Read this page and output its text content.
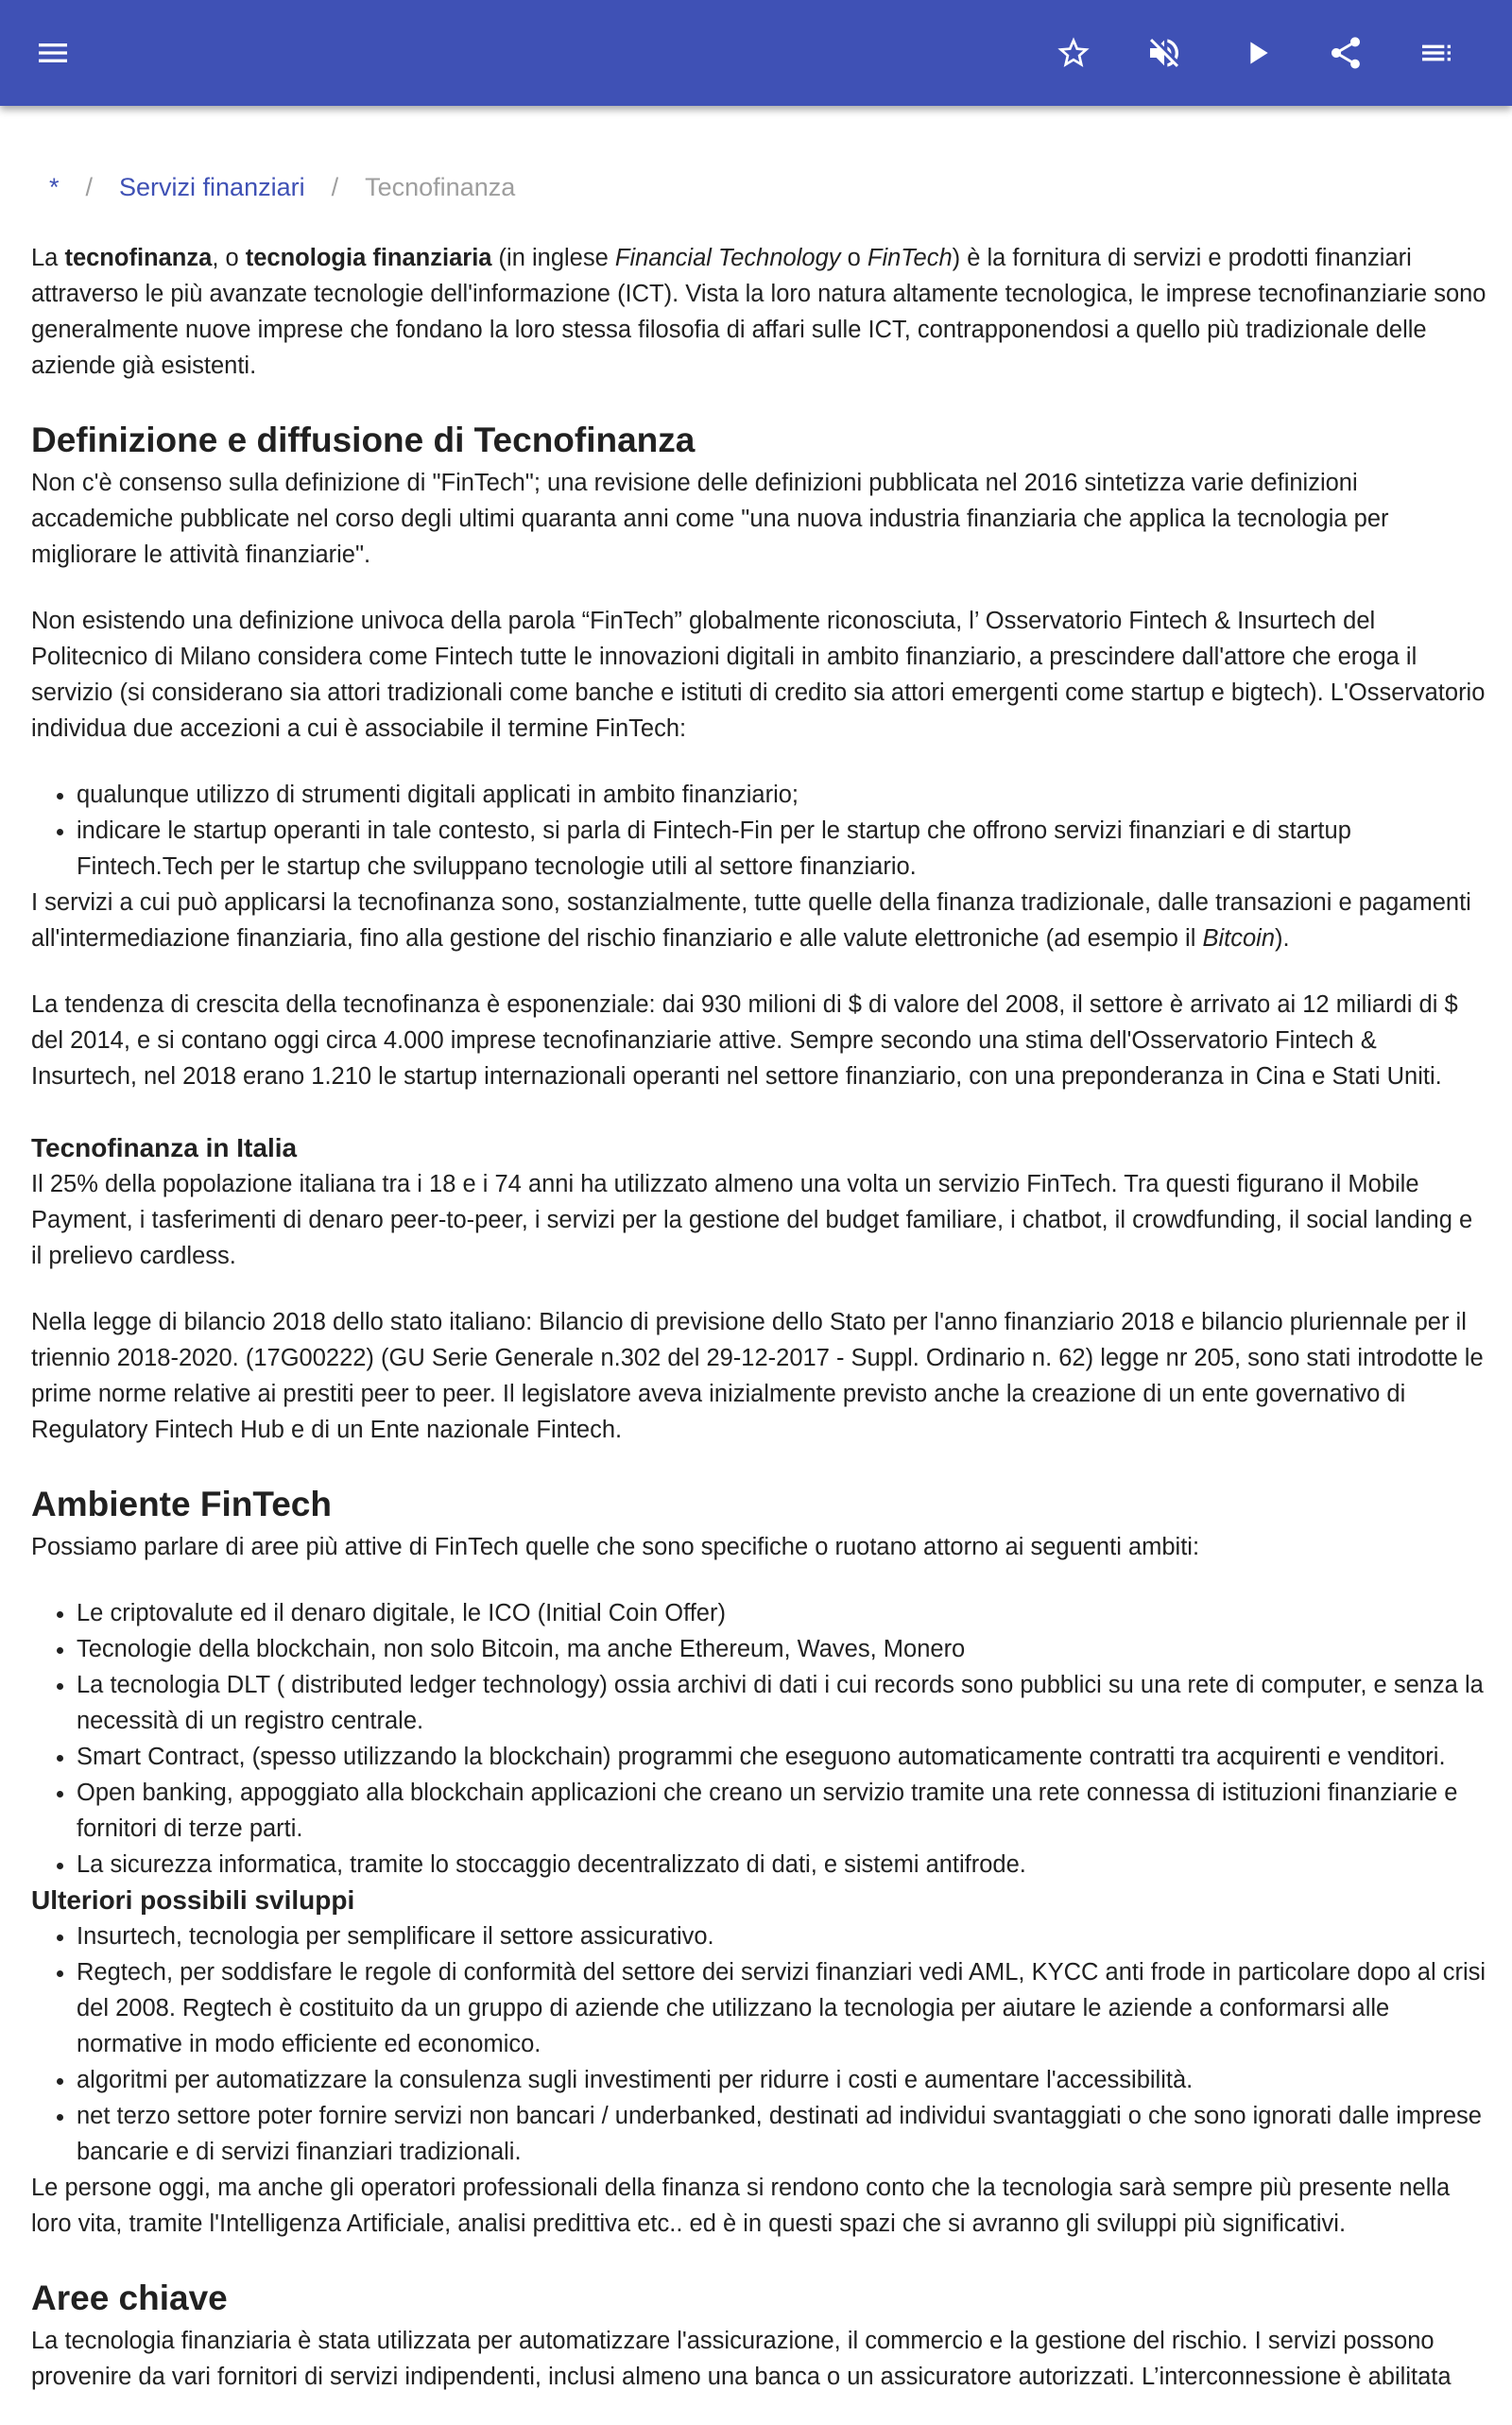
* / Servizi finanziari / Tecnofinanza

La tecnofinanza, o tecnologia finanziaria (in inglese Financial Technology o FinTech) è la fornitura di servizi e prodotti finanziari attraverso le più avanzate tecnologie dell'informazione (ICT). Vista la loro natura altamente tecnologica, le imprese tecnofinanziarie sono generalmente nuove imprese che fondano la loro stessa filosofia di affari sulle ICT, contrapponendosi a quello più tradizionale delle aziende già esistenti.

Definizione e diffusione di Tecnofinanza

Non c'è consenso sulla definizione di "FinTech"; una revisione delle definizioni pubblicata nel 2016 sintetizza varie definizioni accademiche pubblicate nel corso degli ultimi quaranta anni come "una nuova industria finanziaria che applica la tecnologia per migliorare le attività finanziarie".

Non esistendo una definizione univoca della parola “FinTech” globalmente riconosciuta, l’ Osservatorio Fintech & Insurtech del Politecnico di Milano considera come Fintech tutte le innovazioni digitali in ambito finanziario, a prescindere dall'attore che eroga il servizio (si considerano sia attori tradizionali come banche e istituti di credito sia attori emergenti come startup e bigtech). L'Osservatorio individua due accezioni a cui è associabile il termine FinTech:

• qualunque utilizzo di strumenti digitali applicati in ambito finanziario;
• indicare le startup operanti in tale contesto, si parla di Fintech-Fin per le startup che offrono servizi finanziari e di startup Fintech.Tech per le startup che sviluppano tecnologie utili al settore finanziario.

I servizi a cui può applicarsi la tecnofinanza sono, sostanzialmente, tutte quelle della finanza tradizionale, dalle transazioni e pagamenti all'intermediazione finanziaria, fino alla gestione del rischio finanziario e alle valute elettroniche (ad esempio il Bitcoin).

La tendenza di crescita della tecnofinanza è esponenziale: dai 930 milioni di $ di valore del 2008, il settore è arrivato ai 12 miliardi di $ del 2014, e si contano oggi circa 4.000 imprese tecnofinanziarie attive. Sempre secondo una stima dell'Osservatorio Fintech & Insurtech, nel 2018 erano 1.210 le startup internazionali operanti nel settore finanziario, con una preponderanza in Cina e Stati Uniti.

Tecnofinanza in Italia

Il 25% della popolazione italiana tra i 18 e i 74 anni ha utilizzato almeno una volta un servizio FinTech. Tra questi figurano il Mobile Payment, i tasferimenti di denaro peer-to-peer, i servizi per la gestione del budget familiare, i chatbot, il crowdfunding, il social landing e il prelievo cardless.

Nella legge di bilancio 2018 dello stato italiano: Bilancio di previsione dello Stato per l'anno finanziario 2018 e bilancio pluriennale per il triennio 2018-2020. (17G00222) (GU Serie Generale n.302 del 29-12-2017 - Suppl. Ordinario n. 62) legge nr 205, sono stati introdotte le prime norme relative ai prestiti peer to peer. Il legislatore aveva inizialmente previsto anche la creazione di un ente governativo di Regulatory Fintech Hub e di un Ente nazionale Fintech.

Ambiente FinTech

Possiamo parlare di aree più attive di FinTech quelle che sono specifiche o ruotano attorno ai seguenti ambiti:

• Le criptovalute ed il denaro digitale, le ICO (Initial Coin Offer)
• Tecnologie della blockchain, non solo Bitcoin, ma anche Ethereum, Waves, Monero
• La tecnologia DLT ( distributed ledger technology) ossia archivi di dati i cui records sono pubblici su una rete di computer, e senza la necessità di un registro centrale.
• Smart Contract, (spesso utilizzando la blockchain) programmi che eseguono automaticamente contratti tra acquirenti e venditori.
• Open banking, appoggiato alla blockchain applicazioni che creano un servizio tramite una rete connessa di istituzioni finanziarie e fornitori di terze parti.
• La sicurezza informatica, tramite lo stoccaggio decentralizzato di dati, e sistemi antifrode.
Ulteriori possibili sviluppi
• Insurtech, tecnologia per semplificare il settore assicurativo.
• Regtech, per soddisfare le regole di conformità del settore dei servizi finanziari vedi AML, KYCC anti frode in particolare dopo al crisi del 2008. Regtech è costituito da un gruppo di aziende che utilizzano la tecnologia per aiutare le aziende a conformarsi alle normative in modo efficiente ed economico.
• algoritmi per automatizzare la consulenza sugli investimenti per ridurre i costi e aumentare l'accessibilità.
• net terzo settore poter fornire servizi non bancari / underbanked, destinati ad individui svantaggiati o che sono ignorati dalle imprese bancarie e di servizi finanziari tradizionali.

Le persone oggi, ma anche gli operatori professionali della finanza si rendono conto che la tecnologia sarà sempre più presente nella loro vita, tramite l'Intelligenza Artificiale, analisi predittiva etc.. ed è in questi spazi che si avranno gli sviluppi più significativi.

Aree chiave

La tecnologia finanziaria è stata utilizzata per automatizzare l'assicurazione, il commercio e la gestione del rischio. I servizi possono provenire da vari fornitori di servizi indipendenti, inclusi almeno una banca o un assicuratore autorizzati. L’interconnessione è abilitata
